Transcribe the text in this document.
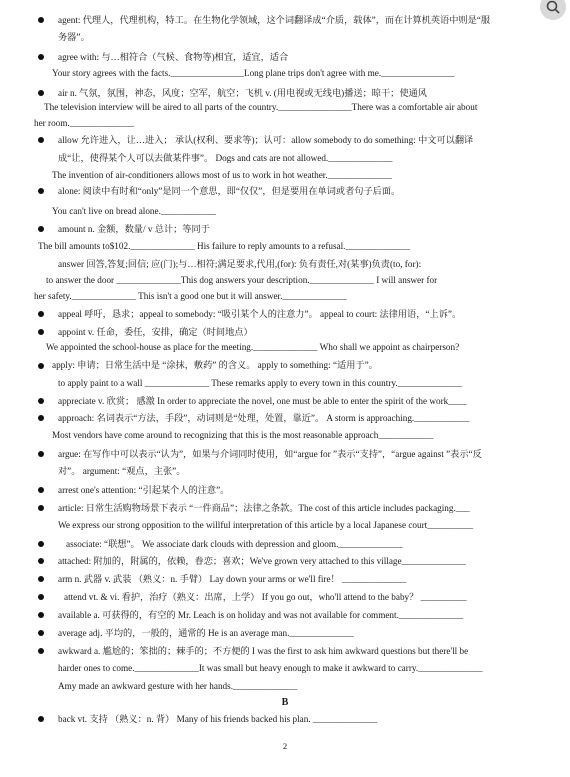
agent: 代理人，代理机构，特工。在生物化学领域，这个词翻译成“介质，载体”，而在计算机英语中则是“服
务器”。
agree with: 与…相符合（气候、食物等)相宜，适宜，适合
Your story agrees with the facts.________________Long plane trips don't agree with me.________________
air n. 气氛，氛围，神态，风度；空军，航空；飞机 v. (用电视或无线电)播送；晾干；使通风
The television interview will be aired to all parts of the country.________________There was a comfortable air about
her room.______________
allow 允许进入，让…进入； 承认(权利、要求等)；认可：allow somebody to do something: 中文可以翻译
成“让，使得某个人可以去做某件事”。 Dogs and cats are not allowed.______________
The invention of air-conditioners allows most of us to work in hot weather.______________
alone: 阅读中有时和“only”是同一个意思，即“仅仅”，但是要用在单词或者句子后面。
You can't live on bread alone.____________
amount n. 金额，数量/ v 总计；等同于
The bill amounts to$102.______________ His failure to reply amounts to a refusal.______________
answer 回答,答复;回信; 应(门);与…相符;满足要求,代用,(for): 负有责任,对(某事)负责(to, for):
to answer the door ______________This dog answers your description.______________ I will answer for
her safety.______________ This isn't a good one but it will answer.______________
appeal 呼吁，恳求；appeal to somebody: “吸引某个人的注意力”。 appeal to court: 法律用语，“上诉”。
appoint v. 任命，委任，安排，确定（时间地点）
We appointed the school-house as place for the meeting.______________ Who shall we appoint as chairperson?
apply: 申请；日常生活中是 “涂抹，敷药” 的含义。 apply to something: “适用于”。
to apply paint to a wall ______________ These remarks apply to every town in this country.______________
appreciate v. 欣赏； 感激 In order to appreciate the novel, one must be able to enter the spirit of the work____
approach: 名词表示“方法，手段”，动词则是“处理，处置，靠近”。 A storm is approaching.____________
Most vendors have come around to recognizing that this is the most reasonable approach____________
argue: 在写作中可以表示“认为”，如果与介词同时使用，如“argue for ”表示“支持”，“argue against ”表示“反
对”。 argument: “观点，主张”。
arrest one's attention: “引起某个人的注意”。
article: 日常生活购物场景下表示 “一件商品”；法律之条款。The cost of this article includes packaging.___
We express our strong opposition to the willful interpretation of this article by a local Japanese court__________
associate: “联想”。 We associate dark clouds with depression and gloom.______________
attached: 附加的，附属的，依赖，眷恋；喜欢；We've grown very attached to this village______________
arm n. 武器 v. 武装 （熟义：n. 手臂） Lay down your arms or we'll fire！ ______________
attend vt. & vi. 看护，治疗（熟义：出席，上学） If you go out，who'll attend to the baby？ __________
available a. 可获得的，有空的 Mr. Leach is on holiday and was not available for comment.______________
average adj. 平均的，一般的，通常的 He is an average man.______________
awkward a. 尴尬的；笨拙的；棘手的；不方便的 I was the first to ask him awkward questions but there'll be
harder ones to come.______________It was small but heavy enough to make it awkward to carry.______________
Amy made an awkward gesture with her hands.______________
B
back vt. 支持 （熟义：n. 背） Many of his friends backed his plan. ______________
2
